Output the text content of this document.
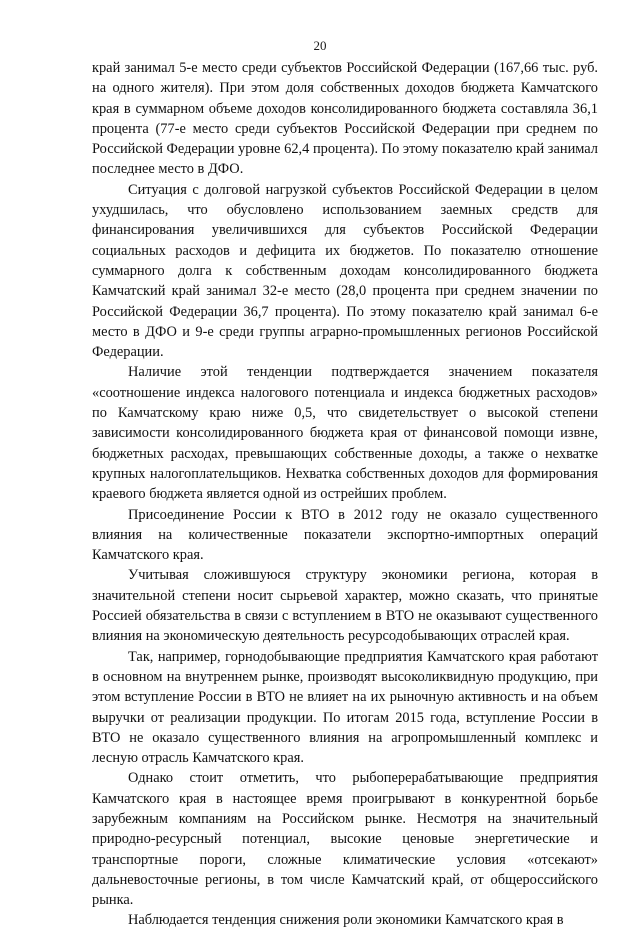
20

край занимал 5-е место среди субъектов Российской Федерации (167,66 тыс. руб. на одного жителя). При этом доля собственных доходов бюджета Камчатского края в суммарном объеме доходов консолидированного бюджета составляла 36,1 процента (77-е место среди субъектов Российской Федерации при среднем по Российской Федерации уровне 62,4 процента). По этому показателю край занимал последнее место в ДФО.

Ситуация с долговой нагрузкой субъектов Российской Федерации в целом ухудшилась, что обусловлено использованием заемных средств для финансирования увеличившихся для субъектов Российской Федерации социальных расходов и дефицита их бюджетов. По показателю отношение суммарного долга к собственным доходам консолидированного бюджета Камчатский край занимал 32-е место (28,0 процента при среднем значении по Российской Федерации 36,7 процента). По этому показателю край занимал 6-е место в ДФО и 9-е среди группы аграрно-промышленных регионов Российской Федерации.

Наличие этой тенденции подтверждается значением показателя «соотношение индекса налогового потенциала и индекса бюджетных расходов» по Камчатскому краю ниже 0,5, что свидетельствует о высокой степени зависимости консолидированного бюджета края от финансовой помощи извне, бюджетных расходах, превышающих собственные доходы, а также о нехватке крупных налогоплательщиков. Нехватка собственных доходов для формирования краевого бюджета является одной из острейших проблем.

Присоединение России к ВТО в 2012 году не оказало существенного влияния на количественные показатели экспортно-импортных операций Камчатского края.

Учитывая сложившуюся структуру экономики региона, которая в значительной степени носит сырьевой характер, можно сказать, что принятые Россией обязательства в связи с вступлением в ВТО не оказывают существенного влияния на экономическую деятельность ресурсодобывающих отраслей края.

Так, например, горнодобывающие предприятия Камчатского края работают в основном на внутреннем рынке, производят высоколиквидную продукцию, при этом вступление России в ВТО не влияет на их рыночную активность и на объем выручки от реализации продукции. По итогам 2015 года, вступление России в ВТО не оказало существенного влияния на агропромышленный комплекс и лесную отрасль Камчатского края.

Однако стоит отметить, что рыбоперерабатывающие предприятия Камчатского края в настоящее время проигрывают в конкурентной борьбе зарубежным компаниям на Российском рынке. Несмотря на значительный природно-ресурсный потенциал, высокие ценовые энергетические и транспортные пороги, сложные климатические условия «отсекают» дальневосточные регионы, в том числе Камчатский край, от общероссийского рынка.

Наблюдается тенденция снижения роли экономики Камчатского края в
